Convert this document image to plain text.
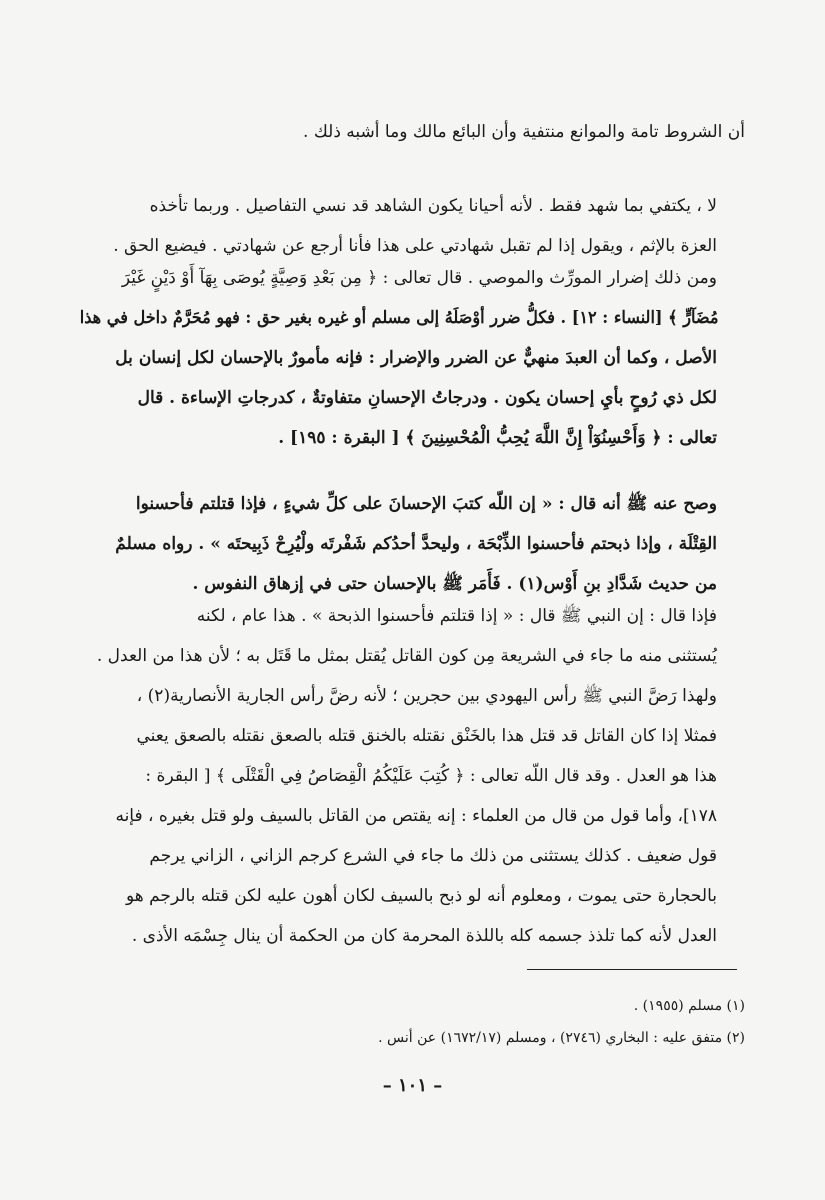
أن الشروط تامة والموانع منتفية وأن البائع مالك وما أشبه ذلك .

لا ، يكتفي بما شهد فقط . لأنه أحيانا يكون الشاهد قد نسي التفاصيل . وربما تأخذه
العزة بالإثم ، ويقول إذا لم تقبل شهادتي على هذا فأنا أرجع عن شهادتي . فيضيع الحق .

ومن ذلك إضرار المورِّث والموصي . قال تعالى : ﴿ مِن بَعْدِ وَصِيَّةٍ يُوصَى بِهَآ أَوْ دَيْنٍ غَيْرَ
مُضَآرٍّ ﴾ [النساء : ١٢] . فكلُّ ضرر أوْصَلَهُ إلى مسلم أو غيره بغير حق : فهو مُحَرَّمٌ داخل في هذا
الأصل ، وكما أن العبدَ منهيٌّ عن الضرر والإضرار : فإنه مأمورٌ بالإحسان لكل إنسان بل
لكل ذي رُوحٍ بأيِ إحسان يكون . ودرجاتُ الإحسانِ متفاوتةٌ ، كدرجاتِ الإساءة . قال
تعالى : ﴿ وَأَحْسِنُوٓاْ إِنَّ اللَّهَ يُحِبُّ الْمُحْسِنِينَ ﴾ [ البقرة : ١٩٥] .

وصح عنه ﷺ أنه قال : « إن اللّه كتبَ الإحسانَ على كلِّ شيءٍ ، فإذا قتلتم فأحسنوا
القِتْلَة ، وإذا ذبحتم فأحسنوا الذِّبْحَة ، وليحدَّ أحدُكم شَفْرتَه ولْيُرِحْ ذَبِيحتَه » . رواه مسلمٌ
من حديث شَدَّادِ بنِ أَوْس(١) . فَأَمَر ﷺ بالإحسان حتى في إزهاق النفوس .

فإذا قال : إن النبي ﷺ قال : « إذا قتلتم فأحسنوا الذبحة » . هذا عام ، لكنه
يُستثنى منه ما جاء في الشريعة مِن كون القاتل يُقتل بمثل ما قَتَل به ؛ لأن هذا من العدل .
ولهذا رَضَّ النبي ﷺ رأس اليهودي بين حجرين ؛ لأنه رضَّ رأس الجارية الأنصارية(٢) ،
فمثلا إذا كان القاتل قد قتل هذا بالخَنْق نقتله بالخنق قتله بالصعق نقتله بالصعق يعني
هذا هو العدل . وقد قال اللّه تعالى : ﴿ كُتِبَ عَلَيْكُمُ الْقِصَاصُ فِي الْقَتْلَى ﴾ [ البقرة :
١٧٨]، وأما قول من قال من العلماء : إنه يقتص من القاتل بالسيف ولو قتل بغيره ، فإنه
قول ضعيف . كذلك يستثنى من ذلك ما جاء في الشرع كرجم الزاني ، الزاني يرجم
بالحجارة حتى يموت ، ومعلوم أنه لو ذبح بالسيف لكان أهون عليه لكن قتله بالرجم هو
العدل لأنه كما تلذذ جسمه كله باللذة المحرمة كان من الحكمة أن ينال جِسْمَه الأذى .

(١) مسلم (١٩٥٥) .

(٢) متفق عليه : البخاري (٢٧٤٦) ، ومسلم (١٦٧٢/١٧) عن أنس .

– ١٠١ –
